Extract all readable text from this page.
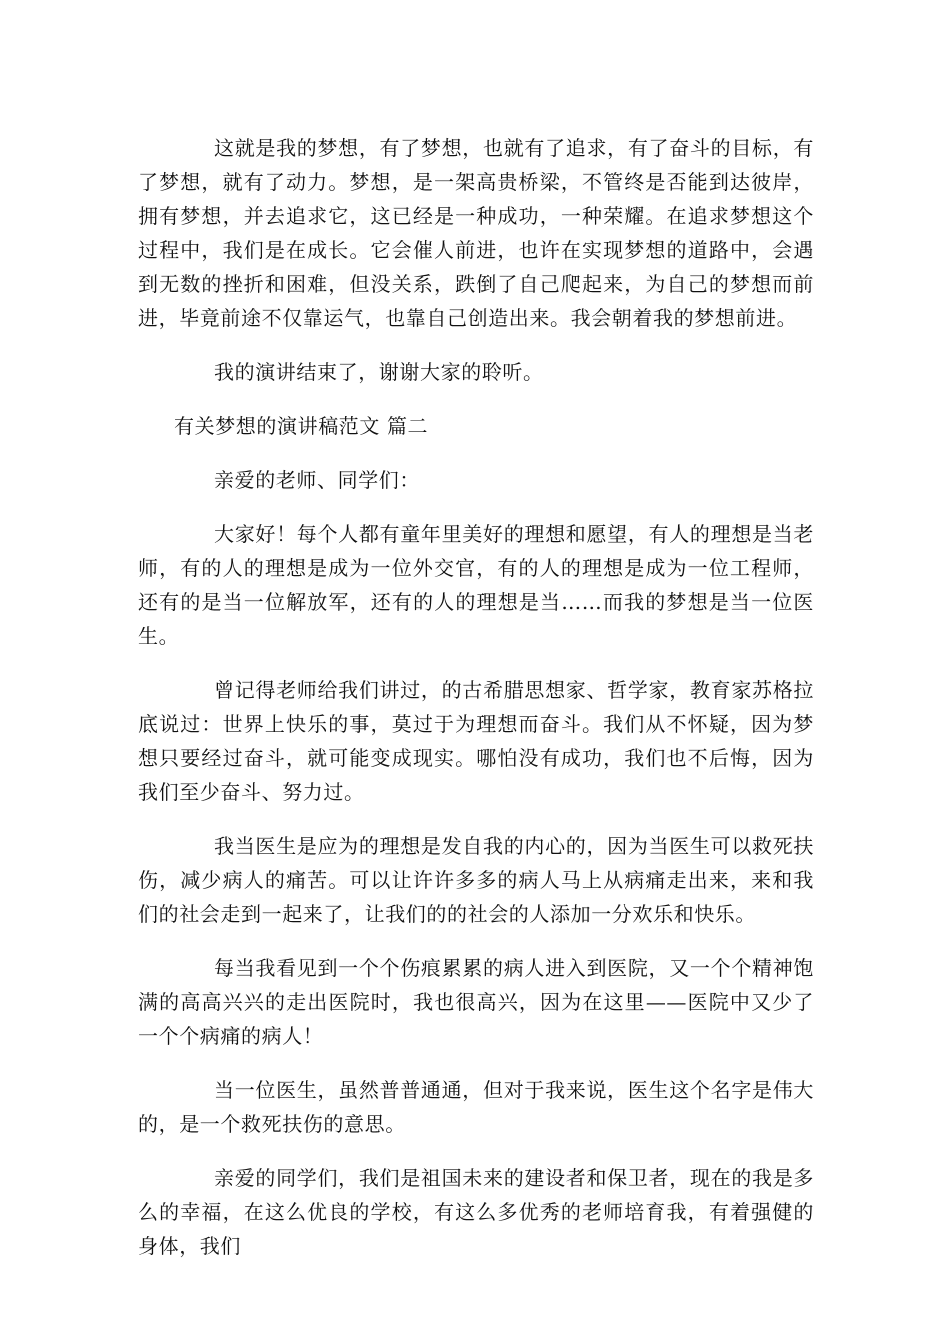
这就是我的梦想，有了梦想，也就有了追求，有了奋斗的目标，有了梦想，就有了动力。梦想，是一架高贵桥梁，不管终是否能到达彼岸，拥有梦想，并去追求它，这已经是一种成功，一种荣耀。在追求梦想这个过程中，我们是在成长。它会催人前进，也许在实现梦想的道路中，会遇到无数的挫折和困难，但没关系，跌倒了自己爬起来，为自己的梦想而前进，毕竟前途不仅靠运气，也靠自己创造出来。我会朝着我的梦想前进。

我的演讲结束了，谢谢大家的聆听。

有关梦想的演讲稿范文 篇二

亲爱的老师、同学们：

大家好！每个人都有童年里美好的理想和愿望，有人的理想是当老师，有的人的理想是成为一位外交官，有的人的理想是成为一位工程师，还有的是当一位解放军，还有的人的理想是当……而我的梦想是当一位医生。

曾记得老师给我们讲过，的古希腊思想家、哲学家，教育家苏格拉底说过：世界上快乐的事，莫过于为理想而奋斗。我们从不怀疑，因为梦想只要经过奋斗，就可能变成现实。哪怕没有成功，我们也不后悔，因为我们至少奋斗、努力过。

我当医生是应为的理想是发自我的内心的，因为当医生可以救死扶伤，减少病人的痛苦。可以让许许多多的病人马上从病痛走出来，来和我们的社会走到一起来了，让我们的的社会的人添加一分欢乐和快乐。

每当我看见到一个个伤痕累累的病人进入到医院，又一个个精神饱满的高高兴兴的走出医院时，我也很高兴，因为在这里——医院中又少了一个个病痛的病人！

当一位医生，虽然普普通通，但对于我来说，医生这个名字是伟大的，是一个救死扶伤的意思。

亲爱的同学们，我们是祖国未来的建设者和保卫者，现在的我是多么的幸福，在这么优良的学校，有这么多优秀的老师培育我，有着强健的身体，我们
